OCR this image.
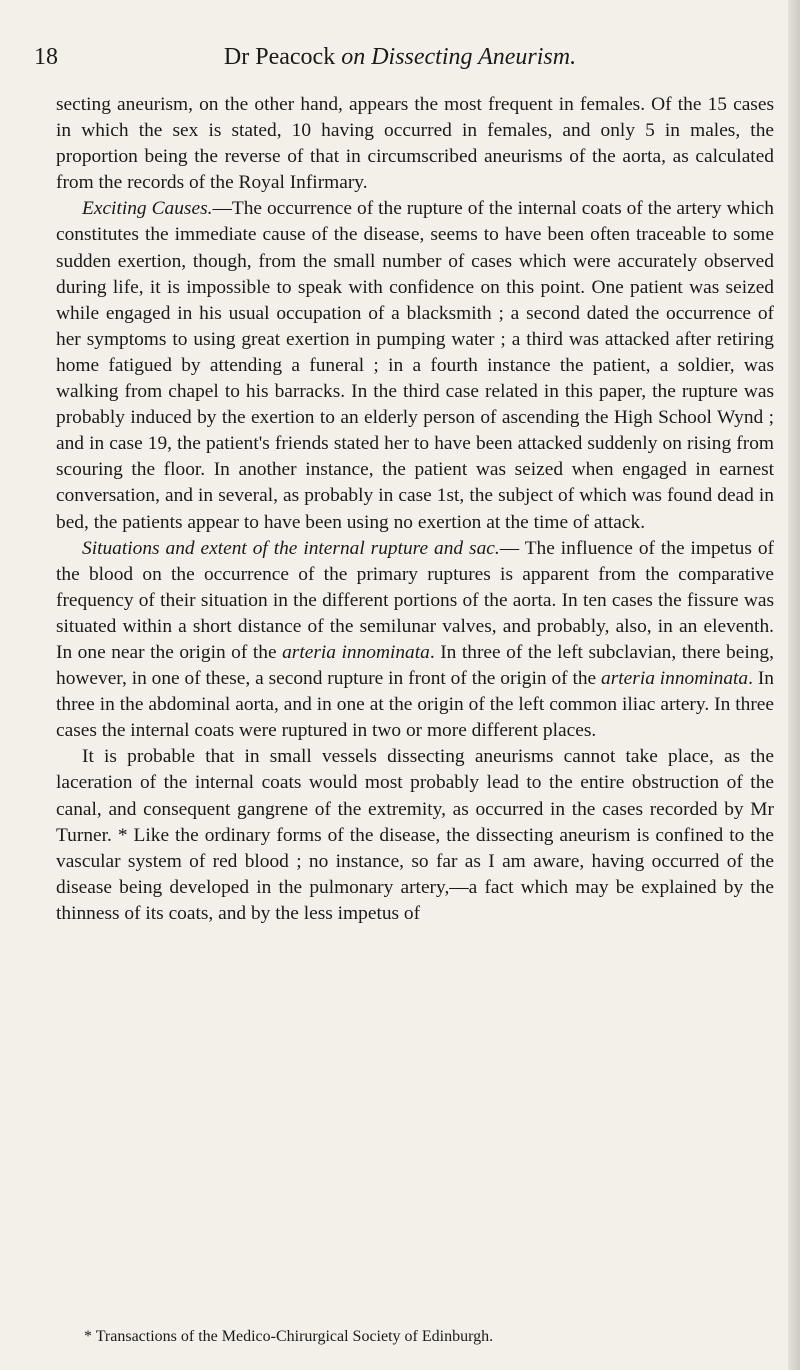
18	Dr Peacock on Dissecting Aneurism.

secting aneurism, on the other hand, appears the most frequent in females. Of the 15 cases in which the sex is stated, 10 having occurred in females, and only 5 in males, the proportion being the reverse of that in circumscribed aneurisms of the aorta, as calculated from the records of the Royal Infirmary.

Exciting Causes.—The occurrence of the rupture of the internal coats of the artery which constitutes the immediate cause of the disease, seems to have been often traceable to some sudden exertion, though, from the small number of cases which were accurately observed during life, it is impossible to speak with confidence on this point. One patient was seized while engaged in his usual occupation of a blacksmith ; a second dated the occurrence of her symptoms to using great exertion in pumping water ; a third was attacked after retiring home fatigued by attending a funeral ; in a fourth instance the patient, a soldier, was walking from chapel to his barracks. In the third case related in this paper, the rupture was probably induced by the exertion to an elderly person of ascending the High School Wynd ; and in case 19, the patient's friends stated her to have been attacked suddenly on rising from scouring the floor. In another instance, the patient was seized when engaged in earnest conversation, and in several, as probably in case 1st, the subject of which was found dead in bed, the patients appear to have been using no exertion at the time of attack.

Situations and extent of the internal rupture and sac.— The influence of the impetus of the blood on the occurrence of the primary ruptures is apparent from the comparative frequency of their situation in the different portions of the aorta. In ten cases the fissure was situated within a short distance of the semilunar valves, and probably, also, in an eleventh. In one near the origin of the arteria innominata. In three of the left subclavian, there being, however, in one of these, a second rupture in front of the origin of the arteria innominata. In three in the abdominal aorta, and in one at the origin of the left common iliac artery. In three cases the internal coats were ruptured in two or more different places.

It is probable that in small vessels dissecting aneurisms cannot take place, as the laceration of the internal coats would most probably lead to the entire obstruction of the canal, and consequent gangrene of the extremity, as occurred in the cases recorded by Mr Turner. * Like the ordinary forms of the disease, the dissecting aneurism is confined to the vascular system of red blood ; no instance, so far as I am aware, having occurred of the disease being developed in the pulmonary artery,—a fact which may be explained by the thinness of its coats, and by the less impetus of

* Transactions of the Medico-Chirurgical Society of Edinburgh.
